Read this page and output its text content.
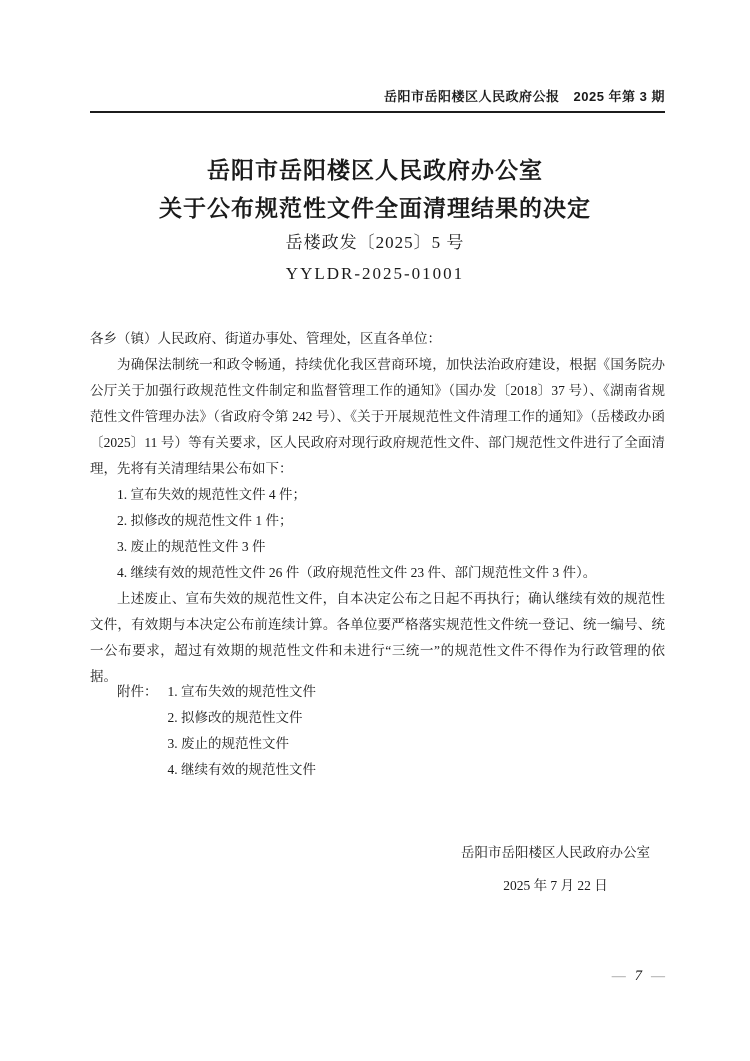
岳阳市岳阳楼区人民政府公报 2025 年第 3 期
岳阳市岳阳楼区人民政府办公室
关于公布规范性文件全面清理结果的决定
岳楼政发〔2025〕5 号
YYLDR-2025-01001

各乡（镇）人民政府、街道办事处、管理处，区直各单位：

为确保法制统一和政令畅通，持续优化我区营商环境，加快法治政府建设，根据《国务院办公厅关于加强行政规范性文件制定和监督管理工作的通知》（国办发〔2018〕37 号）、《湖南省规范性文件管理办法》（省政府令第 242 号）、《关于开展规范性文件清理工作的通知》（岳楼政办函〔2025〕11 号）等有关要求，区人民政府对现行政府规范性文件、部门规范性文件进行了全面清理，先将有关清理结果公布如下：

1. 宣布失效的规范性文件 4 件；

2. 拟修改的规范性文件 1 件；

3. 废止的规范性文件 3 件

4. 继续有效的规范性文件 26 件（政府规范性文件 23 件、部门规范性文件 3 件）。

上述废止、宣布失效的规范性文件，自本决定公布之日起不再执行；确认继续有效的规范性文件，有效期与本决定公布前连续计算。各单位要严格落实规范性文件统一登记、统一编号、统一公布要求，超过有效期的规范性文件和未进行“三统一”的规范性文件不得作为行政管理的依据。

附件： 1. 宣布失效的规范性文件
2. 拟修改的规范性文件
3. 废止的规范性文件
4. 继续有效的规范性文件
岳阳市岳阳楼区人民政府办公室
2025 年 7 月 22 日
— 7 —
